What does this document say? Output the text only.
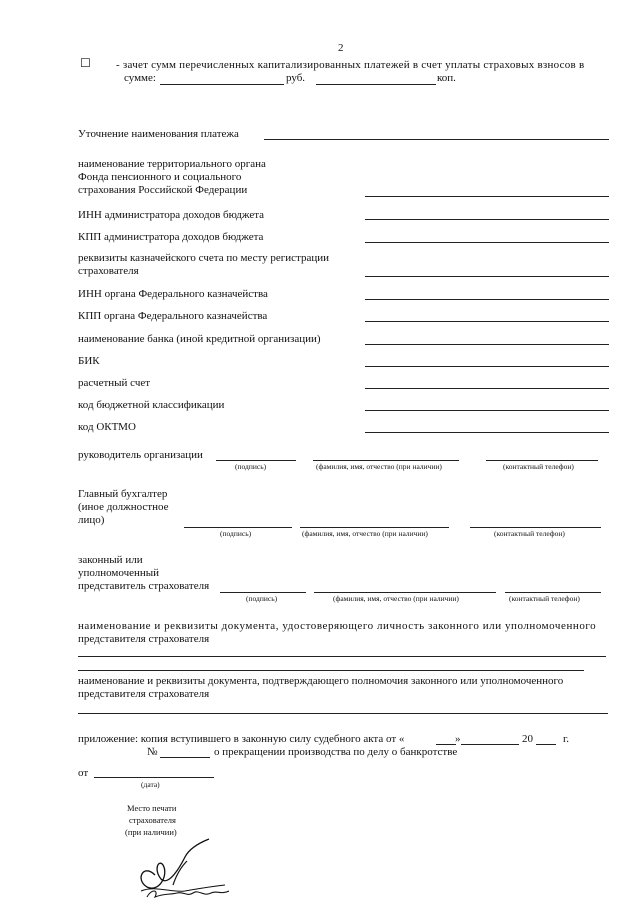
2
☐ - зачет сумм перечисленных капитализированных платежей в счет уплаты страховых взносов в
сумме:	руб.	коп.
Уточнение наименования платежа
наименование территориального органа
Фонда пенсионного и социального
страхования Российской Федерации
ИНН администратора доходов бюджета
КПП администратора доходов бюджета
реквизиты казначейского счета по месту регистрации
страхователя
ИНН органа Федерального казначейства
КПП органа Федерального казначейства
наименование банка (иной кредитной организации)
БИК
расчетный счет
код бюджетной классификации
код ОКТМО
руководитель организации
(подпись)	(фамилия, имя, отчество (при наличии)	(контактный телефон)
Главный бухгалтер
(иное должностное
лицо)
(подпись)	(фамилия, имя, отчество (при наличии)	(контактный телефон)
законный или
уполномоченный
представитель страхователя
(подпись)	(фамилия, имя, отчество (при наличии)	(контактный телефон)
наименование и реквизиты документа, удостоверяющего личность законного или уполномоченного
представителя страхователя
наименование и реквизиты документа, подтверждающего полномочия законного или уполномоченного
представителя страхователя
приложение: копия вступившего в законную силу судебного акта от «	»	20	г.
№	о прекращении производства по делу о банкротстве
от
(дата)
Место печати
страхователя
(при наличии)
